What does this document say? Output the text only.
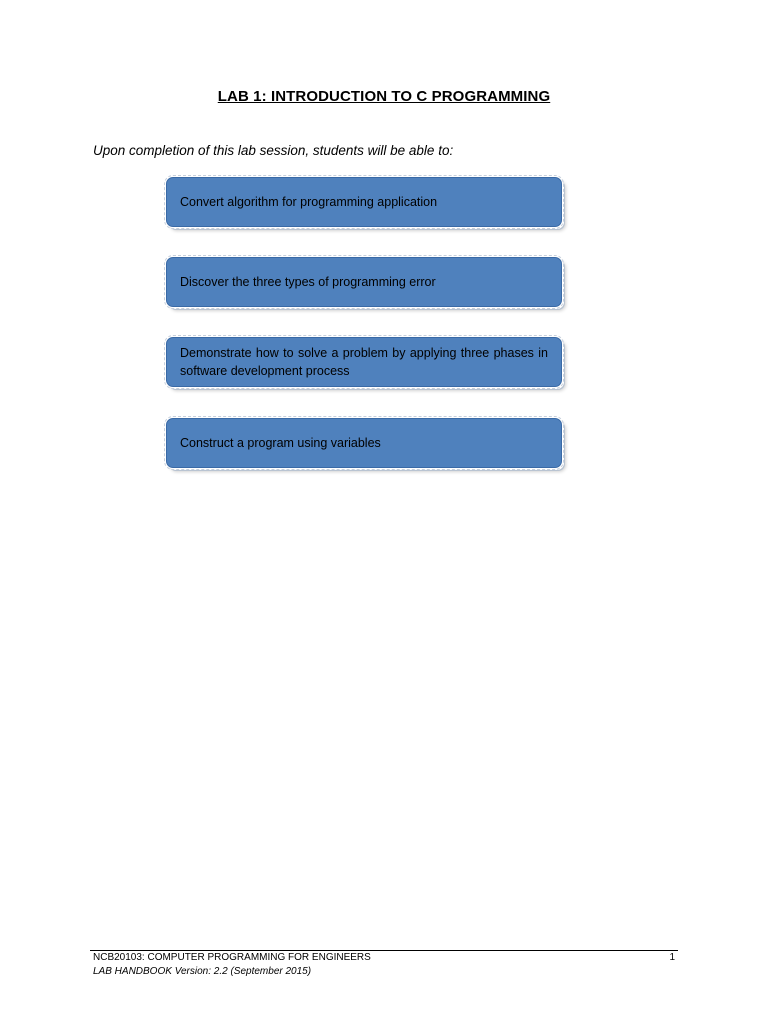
LAB 1: INTRODUCTION TO C PROGRAMMING
Upon completion of this lab session, students will be able to:
Convert algorithm for programming application
Discover the three types of programming error
Demonstrate how to solve a problem by applying three phases in software development process
Construct a program using variables
NCB20103: COMPUTER PROGRAMMING FOR ENGINEERS
LAB HANDBOOK Version: 2.2 (September 2015)
1
